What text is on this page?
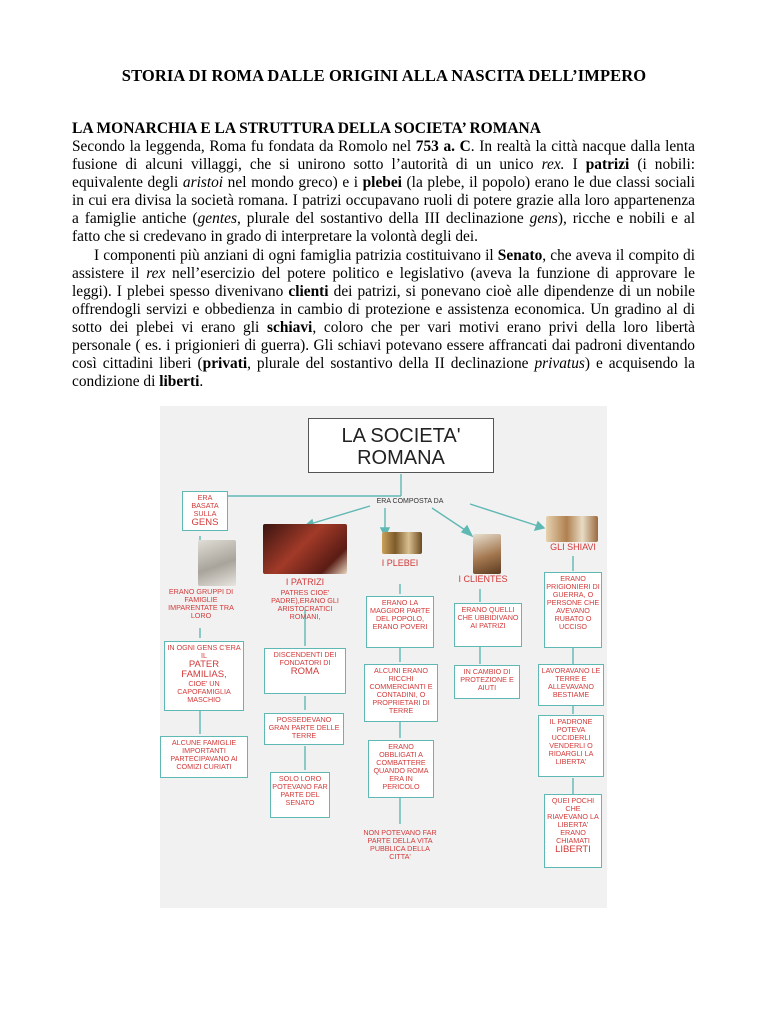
STORIA DI ROMA DALLE ORIGINI ALLA NASCITA DELL’IMPERO
LA MONARCHIA E LA STRUTTURA DELLA SOCIETA’ ROMANA

Secondo la leggenda, Roma fu fondata da Romolo nel 753 a. C. In realtà la città nacque dalla lenta fusione di alcuni villaggi, che si unirono sotto l’autorità di un unico rex. I patrizi (i nobili: equivalente degli aristoi nel mondo greco) e i plebei (la plebe, il popolo) erano le due classi sociali in cui era divisa la società romana. I patrizi occupavano ruoli di potere grazie alla loro appartenenza a famiglie antiche (gentes, plurale del sostantivo della III declinazione gens), ricche e nobili e al fatto che si credevano in grado di interpretare la volontà degli dei.

I componenti più anziani di ogni famiglia patrizia costituivano il Senato, che aveva il compito di assistere il rex nell’esercizio del potere politico e legislativo (aveva la funzione di approvare le leggi). I plebei spesso divenivano clienti dei patrizi, si ponevano cioè alle dipendenze di un nobile offrendogli servizi e obbedienza in cambio di protezione e assistenza economica. Un gradino al di sotto dei plebei vi erano gli schiavi, coloro che per vari motivi erano privi della loro libertà personale ( es. i prigionieri di guerra). Gli schiavi potevano essere affrancati dai padroni diventando così cittadini liberi (privati, plurale del sostantivo della II declinazione privatus) e acquisendo la condizione di liberti.

LA SOCIETA' ROMANA
ERA COMPOSTA DA
ERA BASATA SULLA
GENS
ERANO GRUPPI DI FAMIGLIE IMPARENTATE TRA LORO
IN OGNI GENS C'ERA IL
PATER FAMILIAS,
CIOE' UN CAPOFAMIGLIA MASCHIO
ALCUNE FAMIGLIE IMPORTANTI PARTECIPAVANO AI COMIZI CURIATI
I PATRIZI
PATRES CIOE' PADRE),ERANO GLI ARISTOCRATICI ROMANI,
DISCENDENTI DEI FONDATORI DI
ROMA
POSSEDEVANO GRAN PARTE DELLE TERRE
SOLO LORO POTEVANO FAR PARTE DEL SENATO
I PLEBEI
ERANO LA MAGGIOR PARTE DEL POPOLO, ERANO POVERI
ALCUNI ERANO RICCHI COMMERCIANTI E CONTADINI, O PROPRIETARI DI TERRE
ERANO OBBLIGATI A COMBATTERE QUANDO ROMA ERA IN PERICOLO
NON POTEVANO FAR PARTE DELLA VITA PUBBLICA DELLA CITTA'
I CLIENTES
ERANO QUELLI CHE UBBIDIVANO AI PATRIZI
IN CAMBIO DI PROTEZIONE E AIUTI
GLI SHIAVI
ERANO PRIGIONIERI DI GUERRA, O PERSONE CHE AVEVANO RUBATO O UCCISO
LAVORAVANO LE TERRE E ALLEVAVANO BESTIAME
IL PADRONE POTEVA UCCIDERLI VENDERLI O RIDARGLI LA LIBERTA'
QUEI POCHI CHE RIAVEVANO LA LIBERTA' ERANO CHIAMATI
LIBERTI
